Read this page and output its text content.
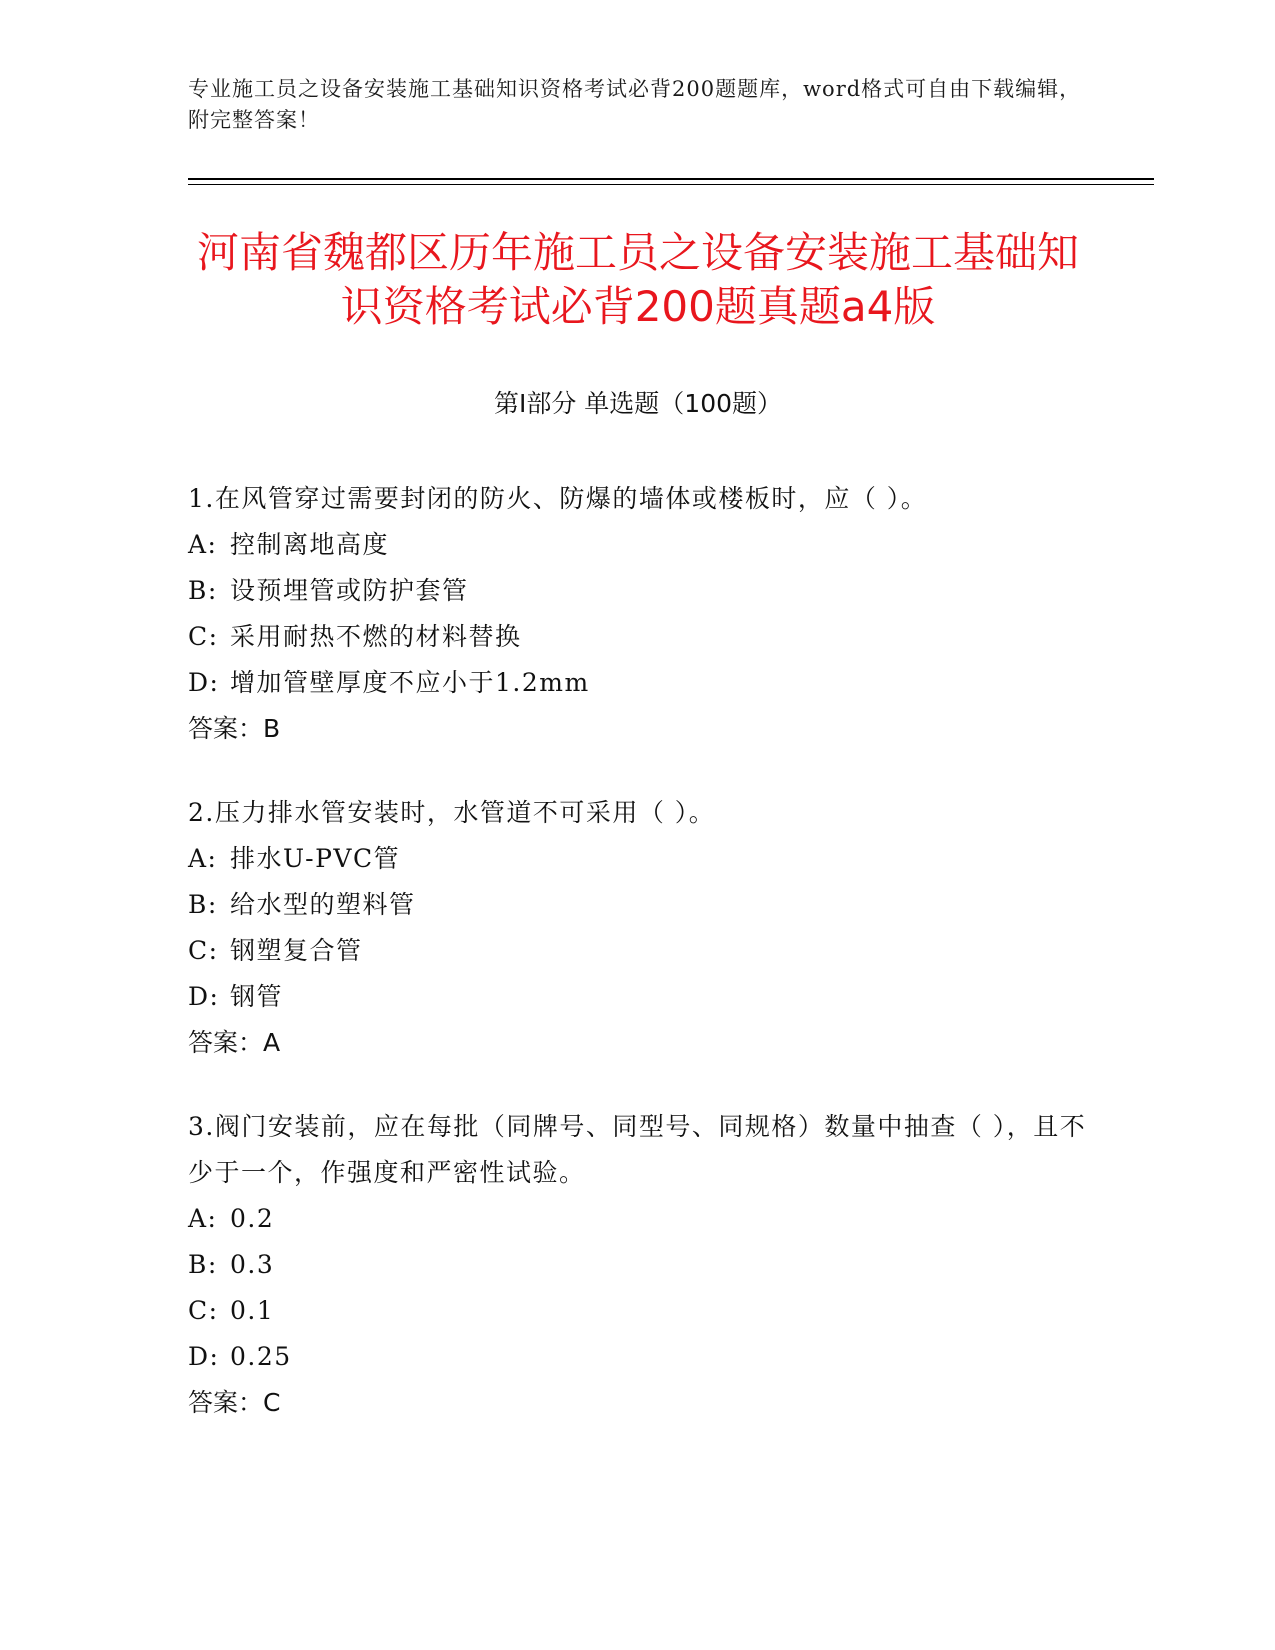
专业施工员之设备安装施工基础知识资格考试必背200题题库，word格式可自由下载编辑，附完整答案！
河南省魏都区历年施工员之设备安装施工基础知识资格考试必背200题真题a4版
第Ⅰ部分 单选题（100题）
1.在风管穿过需要封闭的防火、防爆的墙体或楼板时，应（ ）。
A: 控制离地高度
B: 设预埋管或防护套管
C: 采用耐热不燃的材料替换
D: 增加管壁厚度不应小于1.2mm
答案：B
2.压力排水管安装时，水管道不可采用（ ）。
A: 排水U-PVC管
B: 给水型的塑料管
C: 钢塑复合管
D: 钢管
答案：A
3.阀门安装前，应在每批（同牌号、同型号、同规格）数量中抽查（ ），且不少于一个，作强度和严密性试验。
A: 0.2
B: 0.3
C: 0.1
D: 0.25
答案：C
